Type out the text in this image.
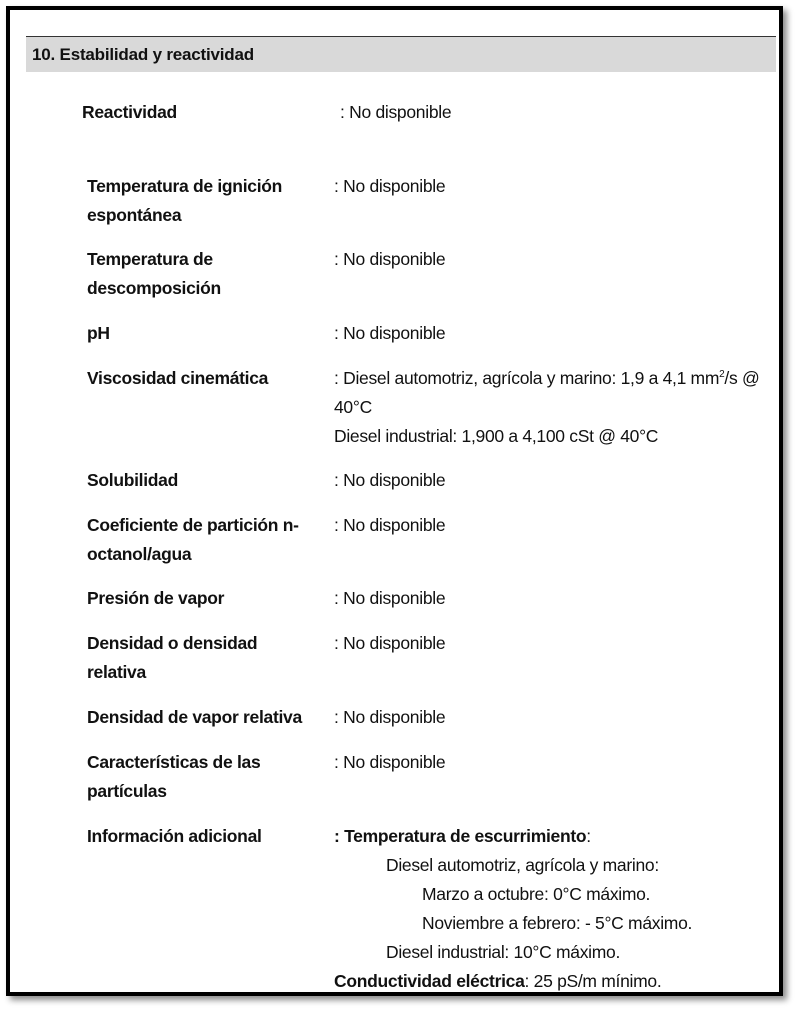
10. Estabilidad y reactividad
Reactividad	: No disponible
Temperatura de ignición espontánea
: No disponible
Temperatura de descomposición
: No disponible
pH	: No disponible
Viscosidad cinemática	: Diesel automotriz, agrícola y marino: 1,9 a 4,1 $mm^2/s$ @
40°C
Diesel industrial: 1,900 a 4,100 cSt @ 40°C
Solubilidad	: No disponible
Coeficiente de partición n-octanol/agua
: No disponible
Presión de vapor	: No disponible
Densidad o densidad relativa
: No disponible
Densidad de vapor relativa	: No disponible
Características de las partículas
: No disponible
Información adicional	: Temperatura de escurrimiento:
Diesel automotriz, agrícola y marino:
Marzo a octubre: 0°C máximo.
Noviembre a febrero: - 5°C máximo.
Diesel industrial: 10°C máximo.
Conductividad eléctrica: 25 pS/m mínimo.
